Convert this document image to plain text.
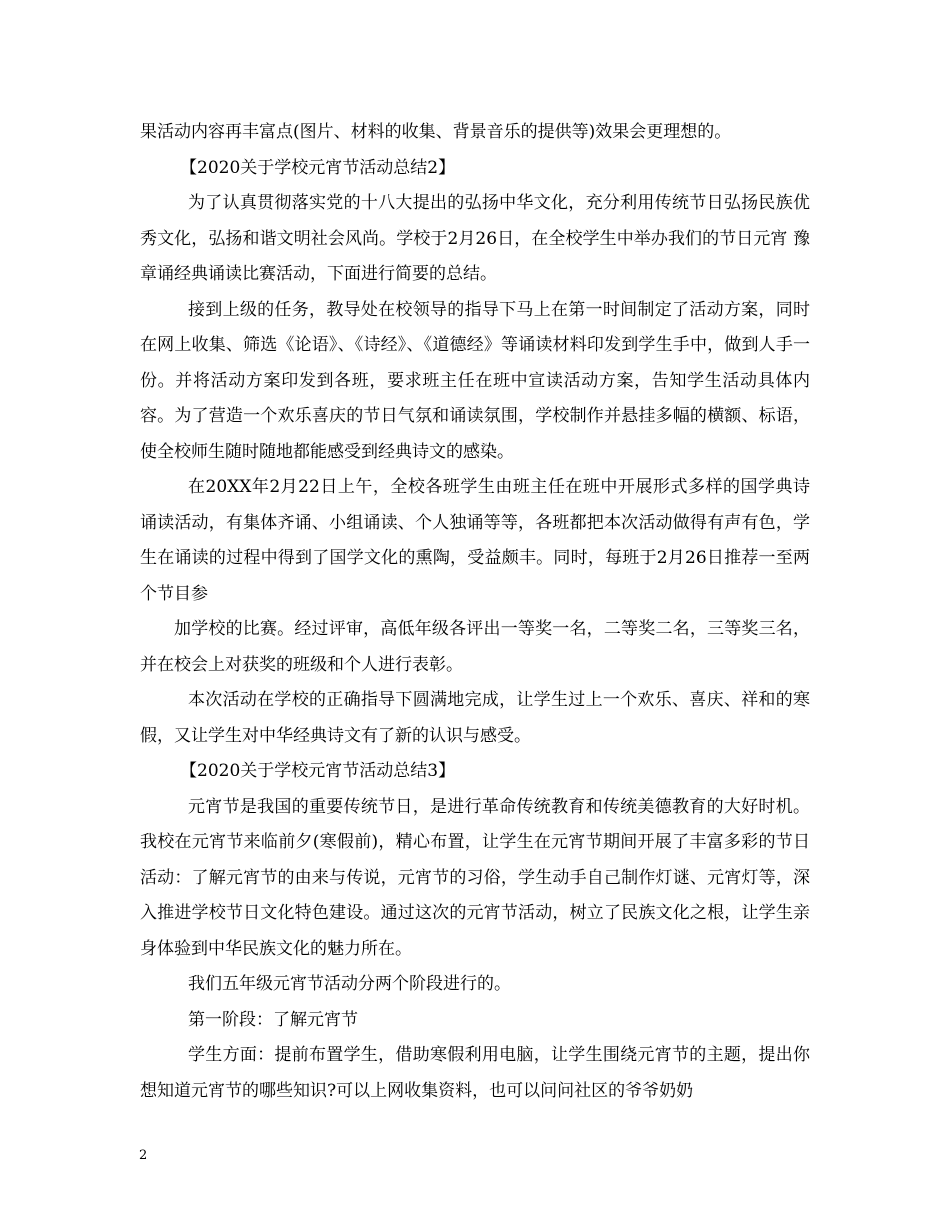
果活动内容再丰富点(图片、材料的收集、背景音乐的提供等)效果会更理想的。

【2020关于学校元宵节活动总结2】

为了认真贯彻落实党的十八大提出的弘扬中华文化，充分利用传统节日弘扬民族优秀文化，弘扬和谐文明社会风尚。学校于2月26日，在全校学生中举办我们的节日元宵 豫章诵经典诵读比赛活动，下面进行简要的总结。

接到上级的任务，教导处在校领导的指导下马上在第一时间制定了活动方案，同时在网上收集、筛选《论语》、《诗经》、《道德经》等诵读材料印发到学生手中，做到人手一份。并将活动方案印发到各班，要求班主任在班中宣读活动方案，告知学生活动具体内容。为了营造一个欢乐喜庆的节日气氛和诵读氛围，学校制作并悬挂多幅的横额、标语，使全校师生随时随地都能感受到经典诗文的感染。

在20XX年2月22日上午，全校各班学生由班主任在班中开展形式多样的国学典诗诵读活动，有集体齐诵、小组诵读、个人独诵等等，各班都把本次活动做得有声有色，学生在诵读的过程中得到了国学文化的熏陶，受益颇丰。同时，每班于2月26日推荐一至两个节目参

加学校的比赛。经过评审，高低年级各评出一等奖一名，二等奖二名，三等奖三名，并在校会上对获奖的班级和个人进行表彰。

本次活动在学校的正确指导下圆满地完成，让学生过上一个欢乐、喜庆、祥和的寒假，又让学生对中华经典诗文有了新的认识与感受。

【2020关于学校元宵节活动总结3】

元宵节是我国的重要传统节日，是进行革命传统教育和传统美德教育的大好时机。我校在元宵节来临前夕(寒假前)，精心布置，让学生在元宵节期间开展了丰富多彩的节日活动：了解元宵节的由来与传说，元宵节的习俗，学生动手自己制作灯谜、元宵灯等，深入推进学校节日文化特色建设。通过这次的元宵节活动，树立了民族文化之根，让学生亲身体验到中华民族文化的魅力所在。

我们五年级元宵节活动分两个阶段进行的。

第一阶段：了解元宵节

学生方面：提前布置学生，借助寒假利用电脑，让学生围绕元宵节的主题，提出你想知道元宵节的哪些知识?可以上网收集资料，也可以问问社区的爷爷奶奶

2
